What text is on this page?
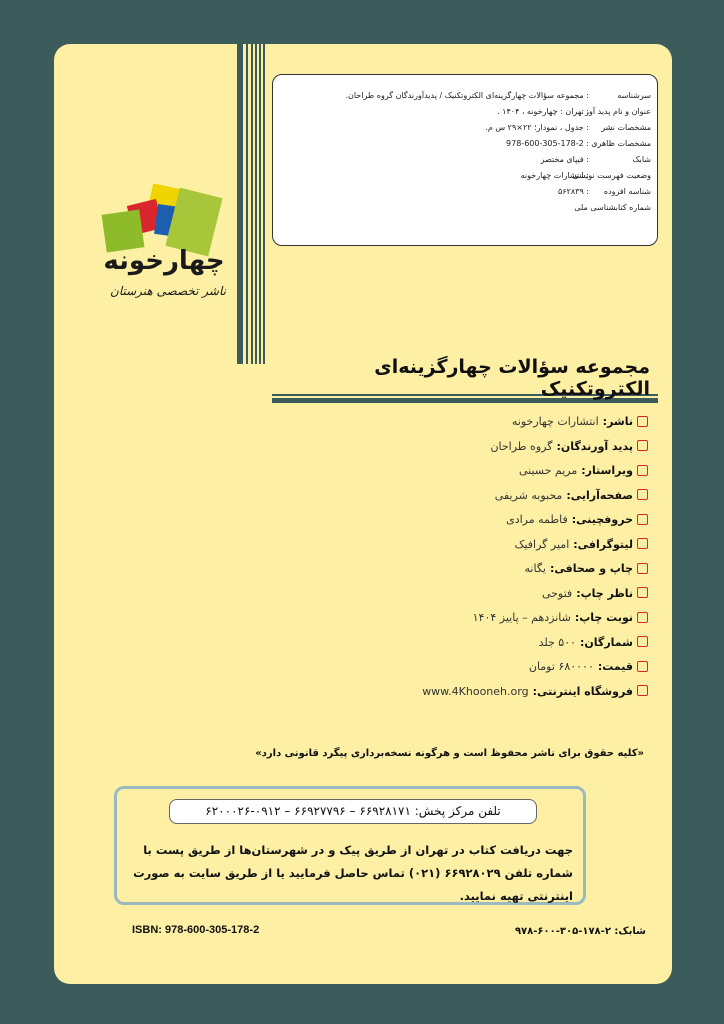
سرشناسه
: مجموعه سؤالات چهارگزینه‌ای الکتروتکنیک / پدیدآورندگان گروه طراحان.
عنوان و نام پدید آور
: تهران : چهارخونه ، ۱۴۰۴ .
مشخصات نشر
: جدول ، نمودار؛ ۲۲×۲۹ س م.
مشخصات ظاهری
: 978-600-305-178-2
شابک
: فیپای مختصر
وضعیت فهرست نویسی
: انتشارات چهارخونه
شناسه افزوده
: ۵۶۲۸۳۹
شماره کتابشناسی ملی
چهارخونه
ناشر تخصصی هنرستان
مجموعه سؤالات چهارگزینه‌ای الکتروتکنیک
ناشر:انتشارات چهارخونه
پدید آورندگان:گروه طراحان
ویراستار:مریم حسینی
صفحه‌آرایی:محبوبه شریفی
حروفچینی:فاطمه مرادی
لیتوگرافی:امیر گرافیک
چاپ و صحافی:یگانه
ناظر چاپ:فتوحی
نوبت چاپ:شانزدهم – پاییز ۱۴۰۴
شمارگان:۵۰۰ جلد
قیمت:۶۸۰۰۰۰ تومان
فروشگاه اینترنتی:www.4Khooneh.org
«کلیه حقوق برای ناشر محفوظ است و هرگونه نسخه‌برداری پیگرد قانونی دارد»
تلفن مرکز پخش: ۶۶۹۲۸۱۷۱ – ۶۶۹۲۷۷۹۶ – ۰۹۱۲-۶۲۰۰۰۲۶
جهت دریافت کتاب در تهران از طریق پیک و در شهرستان‌ها از طریق پست با شماره تلفن ۶۶۹۲۸۰۲۹ (۰۲۱) تماس حاصل فرمایید یا از طریق سایت به صورت اینترنتی تهیه نمایید.
ISBN: 978-600-305-178-2	شابک: ۲-۱۷۸-۳۰۵-۶۰۰-۹۷۸
